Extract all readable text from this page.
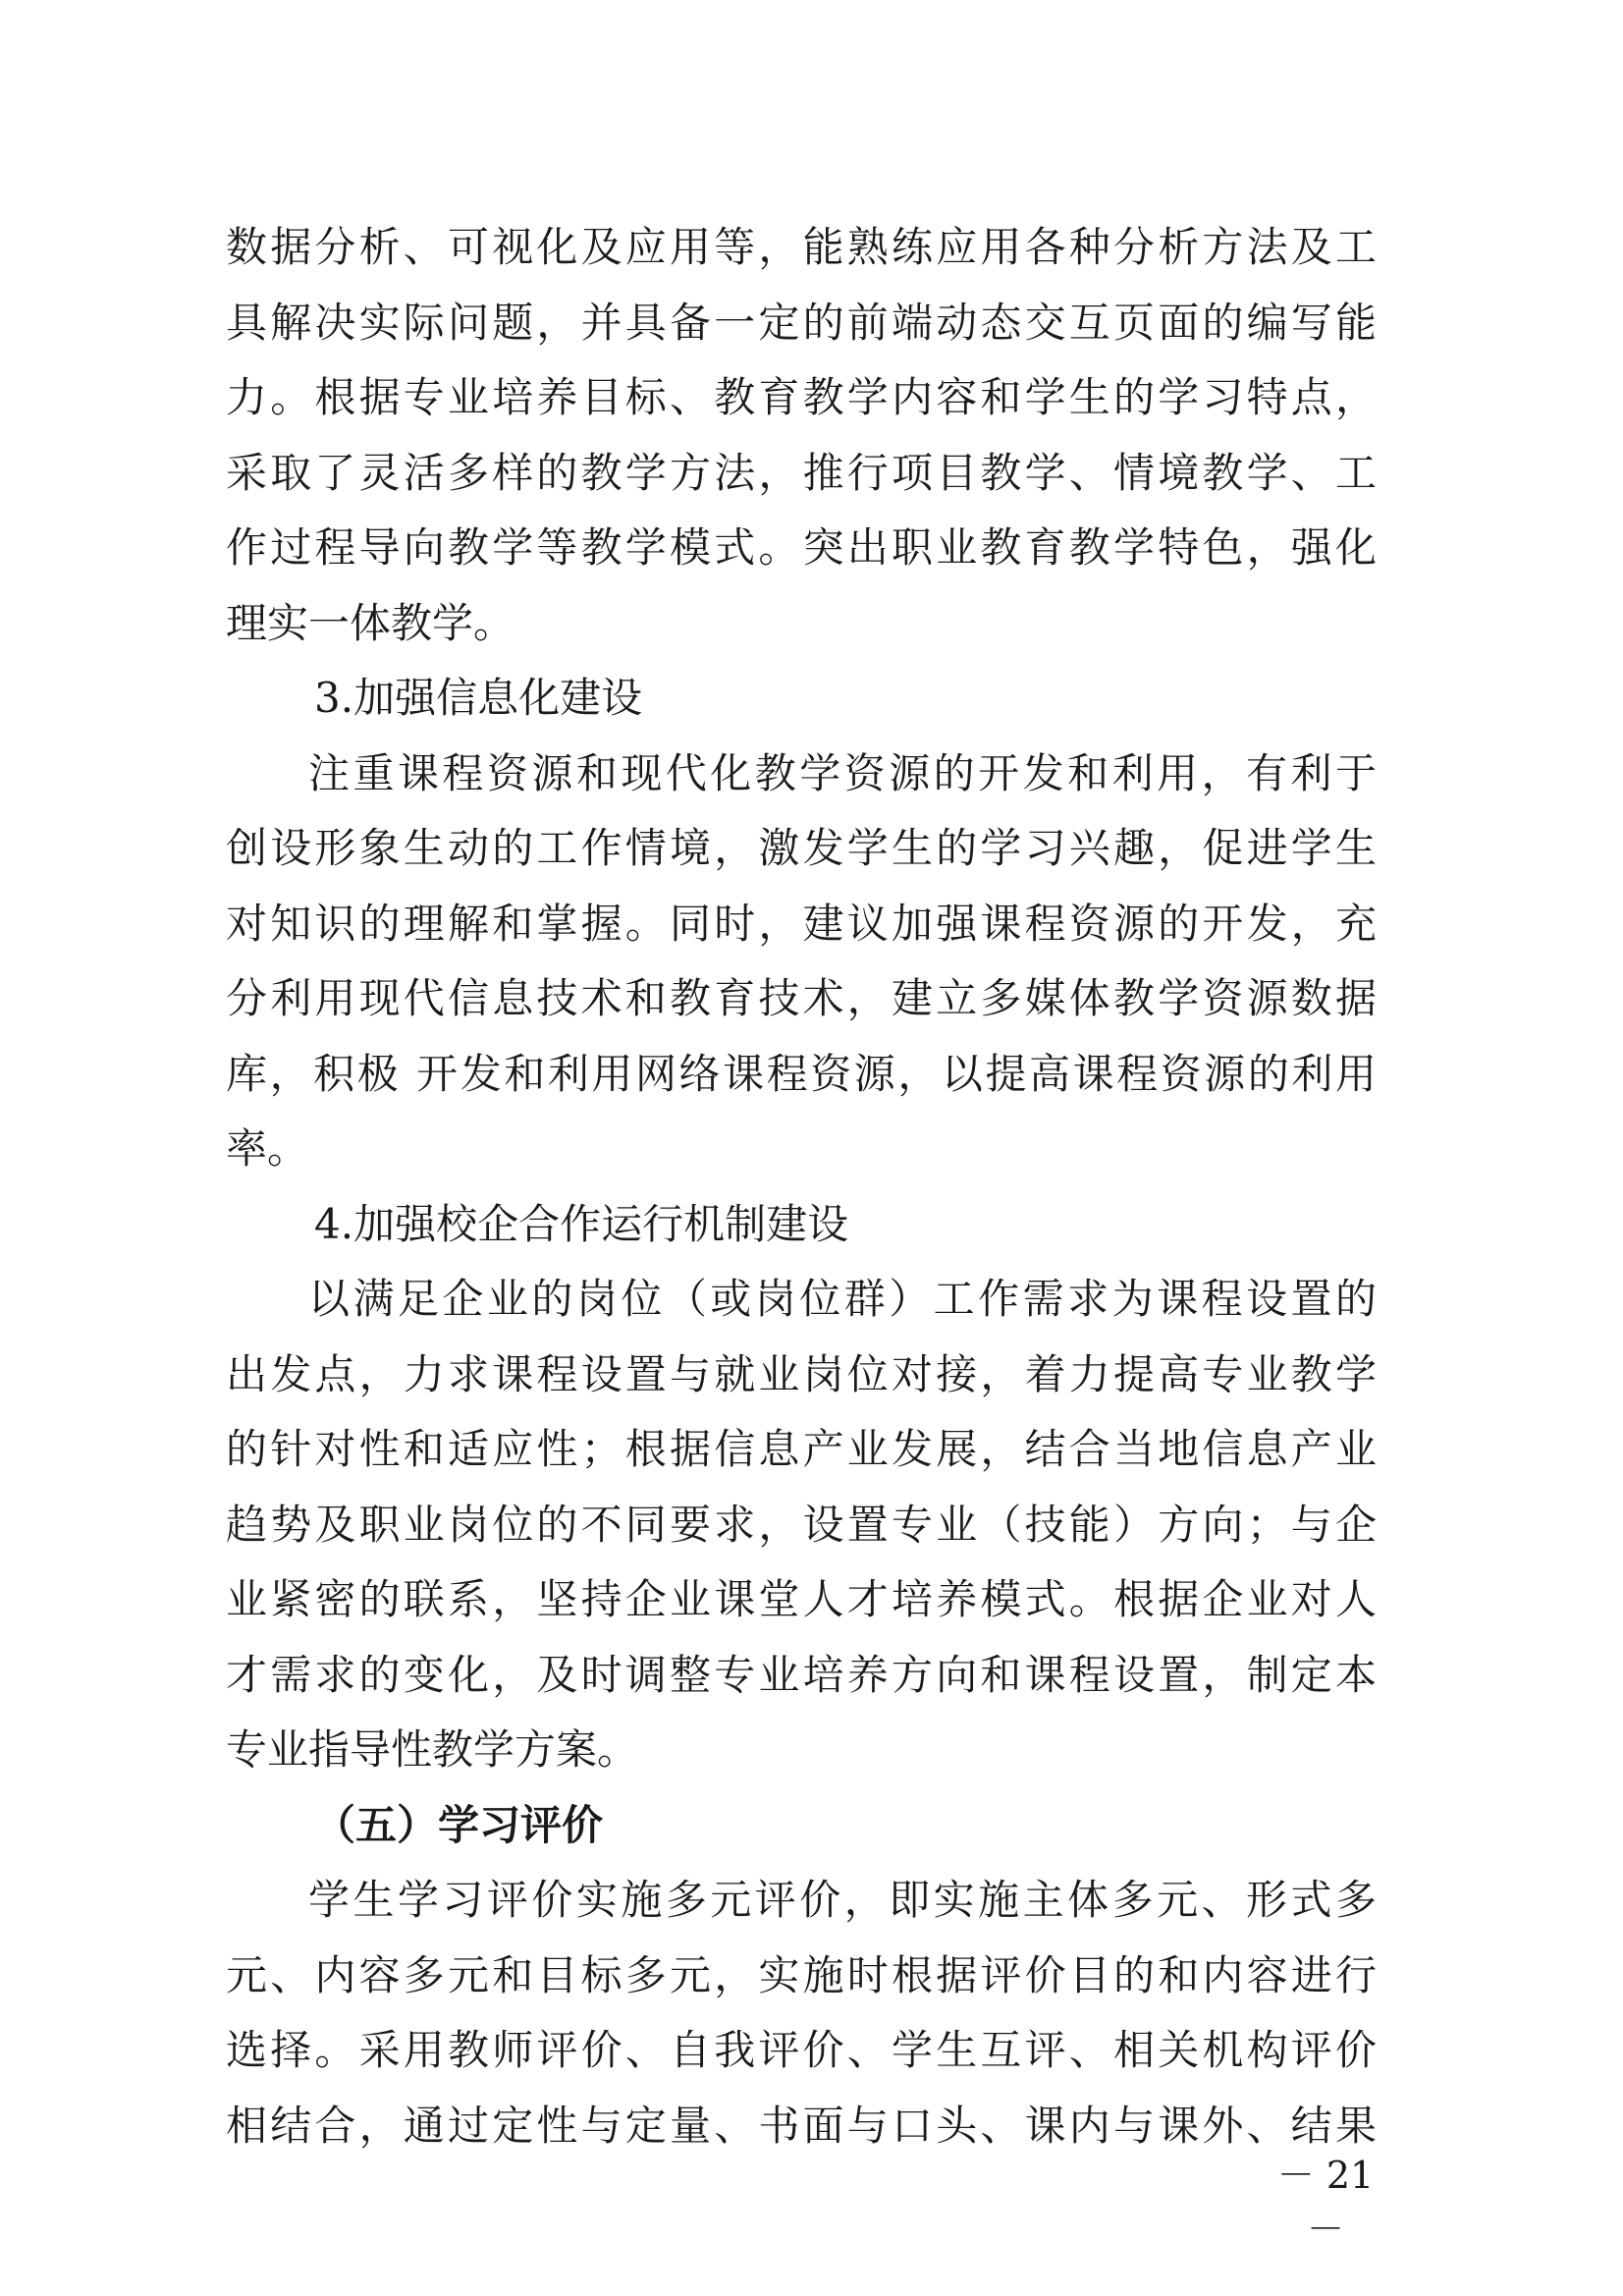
数据分析、可视化及应用等，能熟练应用各种分析方法及工
具解决实际问题，并具备一定的前端动态交互页面的编写能
力。根据专业培养目标、教育教学内容和学生的学习特点，
采取了灵活多样的教学方法，推行项目教学、情境教学、工
作过程导向教学等教学模式。突出职业教育教学特色，强化
理实一体教学。
3.加强信息化建设
注重课程资源和现代化教学资源的开发和利用，有利于
创设形象生动的工作情境，激发学生的学习兴趣，促进学生
对知识的理解和掌握。同时，建议加强课程资源的开发，充
分利用现代信息技术和教育技术，建立多媒体教学资源数据
库，积极 开发和利用网络课程资源，以提高课程资源的利用
率。
4.加强校企合作运行机制建设
以满足企业的岗位（或岗位群）工作需求为课程设置的
出发点，力求课程设置与就业岗位对接，着力提高专业教学
的针对性和适应性；根据信息产业发展，结合当地信息产业
趋势及职业岗位的不同要求，设置专业（技能）方向；与企
业紧密的联系，坚持企业课堂人才培养模式。根据企业对人
才需求的变化，及时调整专业培养方向和课程设置，制定本
专业指导性教学方案。
（五）学习评价
学生学习评价实施多元评价，即实施主体多元、形式多
元、内容多元和目标多元，实施时根据评价目的和内容进行
选择。采用教师评价、自我评价、学生互评、相关机构评价
相结合，通过定性与定量、书面与口头、课内与课外、结果
－ 21 －
